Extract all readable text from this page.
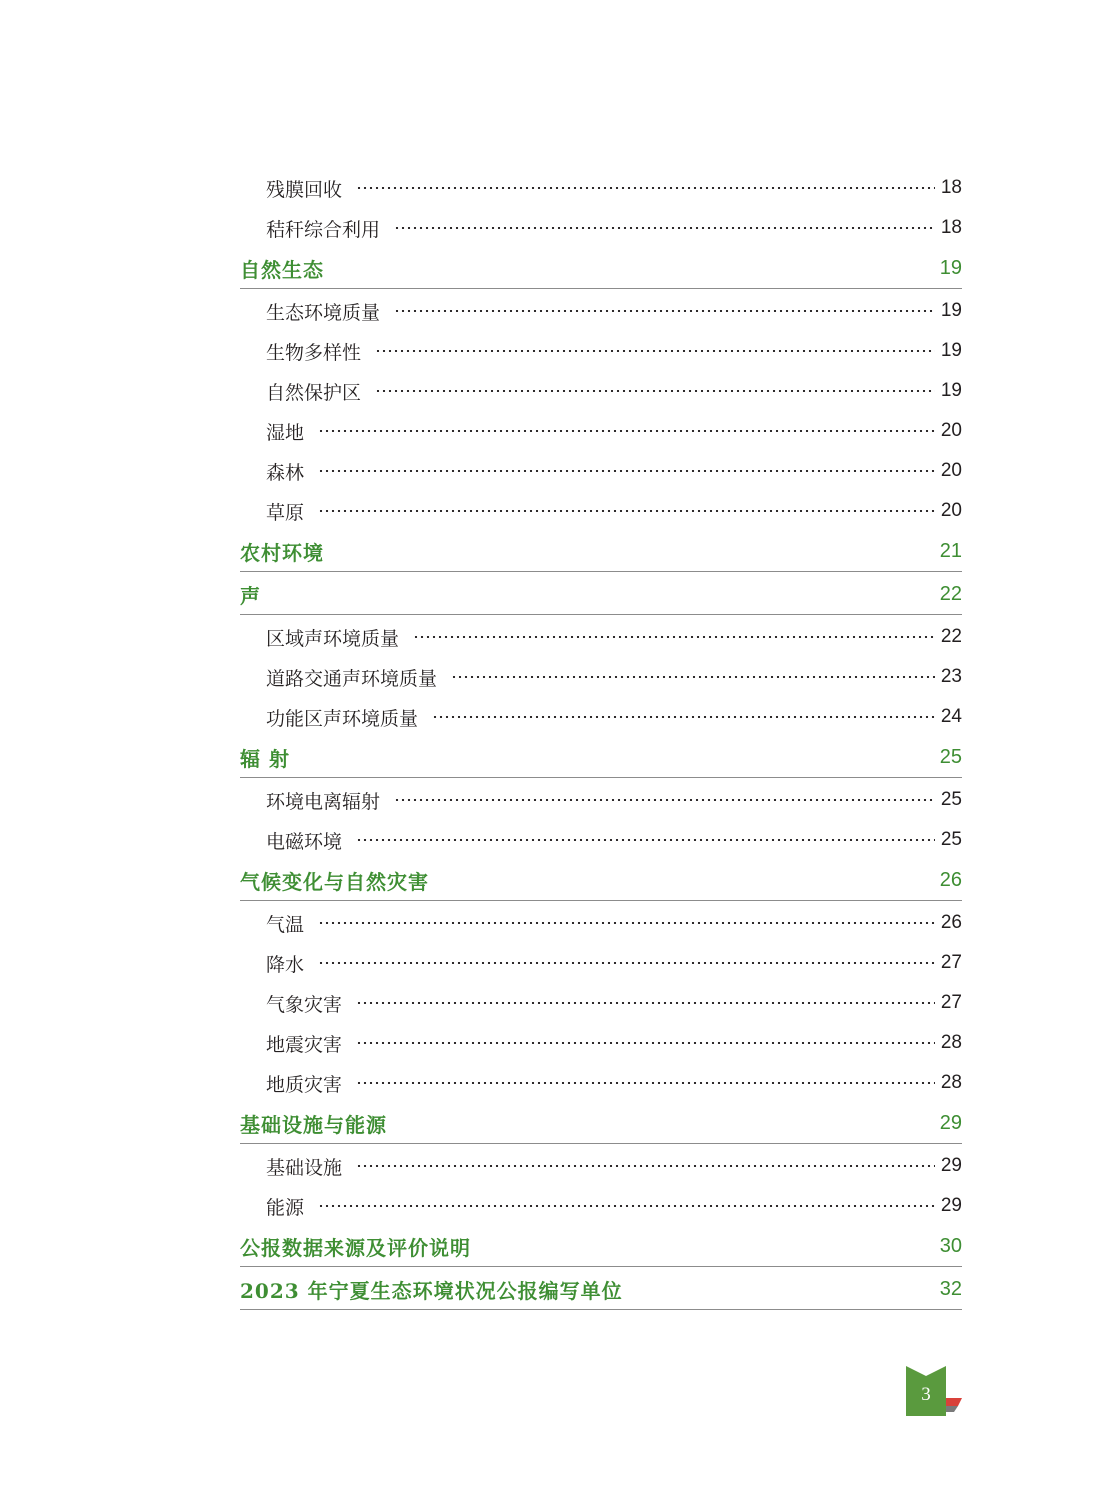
残膜回收	18
秸秆综合利用	18
自然生态	19
生态环境质量	19
生物多样性	19
自然保护区	19
湿地	20
森林	20
草原	20
农村环境	21
声	22
区域声环境质量	22
道路交通声环境质量	23
功能区声环境质量	24
辐 射	25
环境电离辐射	25
电磁环境	25
气候变化与自然灾害	26
气温	26
降水	27
气象灾害	27
地震灾害	28
地质灾害	28
基础设施与能源	29
基础设施	29
能源	29
公报数据来源及评价说明	30
2023 年宁夏生态环境状况公报编写单位	32
3
